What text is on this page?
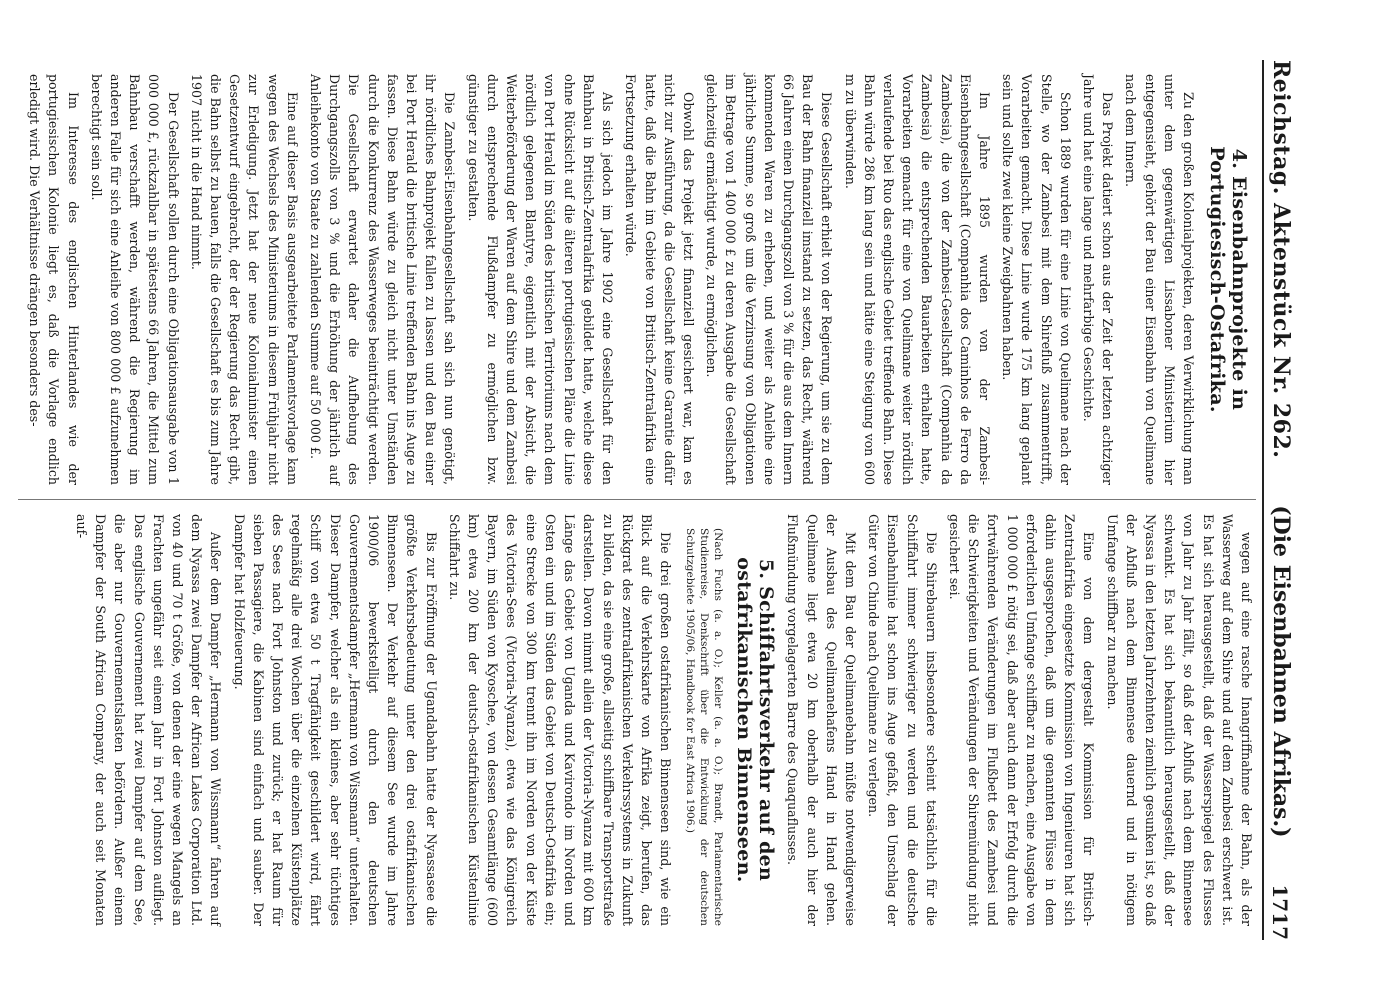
Reichstag. Aktenstück Nr. 262.
(Die Eisenbahnen Afrikas.)
1717
4. Eisenbahnprojekte in Portugiesisch-Ostafrika.

Zu den großen Kolonialprojekten, deren Verwirklichung man unter dem gegenwärtigen Lissaboner Ministerium hier entgegensieht, gehört der Bau einer Eisenbahn von Quelimane nach dem Innern.

Das Projekt datiert schon aus der Zeit der letzten achtziger Jahre und hat eine lange und mehrfarbige Geschichte.

Schon 1889 wurden für eine Linie von Quelimane nach der Stelle, wo der Zambesi mit dem Shirefluß zusammentrifft, Vorarbeiten gemacht. Diese Linie wurde 175 km lang geplant sein und sollte zwei kleine Zweigbahnen haben.

Im Jahre 1895 wurden von der Zambesi-Eisenbahngesellschaft (Companhia dos Caminhos de Ferro da Zambesia), die von der Zambesi-Gesellschaft (Companhia da Zambesia) die entsprechenden Bauarbeiten erhalten hatte, Vorarbeiten gemacht für eine von Quelimane weiter nördlich verlaufende bei Ruo das englische Gebiet treffende Bahn. Diese Bahn würde 286 km lang sein und hätte eine Steigung von 600 m zu überwinden.

Diese Gesellschaft erhielt von der Regierung, um sie zu dem Bau der Bahn finanziell imstand zu setzen, das Recht, während 66 Jahren einen Durchgangszoll von 3 % für die aus dem Innern kommenden Waren zu erheben, und weiter als Anleihe eine jährliche Summe, so groß um die Verzinsung von Obligationen im Betrage von 1 400 000 £ zu deren Ausgabe die Gesellschaft gleichzeitig ermächtigt wurde, zu ermöglichen.

Obwohl das Projekt jetzt finanziell gesichert war, kam es nicht zur Ausführung, da die Gesellschaft keine Garantie dafür hatte, daß die Bahn im Gebiete von Britisch-Zentralafrika eine Fortsetzung erhalten würde.

Als sich jedoch im Jahre 1902 eine Gesellschaft für den Bahnbau in Britisch-Zentralafrika gebildet hatte, welche diese ohne Rücksicht auf die älteren portugiesischen Pläne die Linie von Port Herald im Süden des britischen Territoriums nach dem nördlich gelegenen Blantyre, eigentlich mit der Absicht, die Weiterbeförderung der Waren auf dem Shire und dem Zambesi durch entsprechende Flußdampfer zu ermöglichen bzw. günstiger zu gestalten.

Die Zambesi-Eisenbahngesellschaft sah sich nun genötigt, ihr nördliches Bahnprojekt fallen zu lassen und den Bau einer bei Port Herald die britische Linie treffenden Bahn ins Auge zu fassen. Diese Bahn würde zu gleich nicht unter Umständen durch die Konkurrenz des Wasserweges beeinträchtigt werden. Die Gesellschaft erwartet daher die Aufhebung des Durchgangszolls von 3 % und die Erhöhung der jährlich auf Anleihekonto von Staate zu zahlenden Summe auf 50 000 £.

Eine auf dieser Basis ausgearbeitete Parlamentsvorlage kam wegen des Wechsels des Ministeriums in diesem Frühjahr nicht zur Erledigung. Jetzt hat der neue Kolonialminister einen Gesetzentwurf eingebracht, der der Regierung das Recht gibt, die Bahn selbst zu bauen, falls die Gesellschaft es bis zum Jahre 1907 nicht in die Hand nimmt.

Der Gesellschaft sollen durch eine Obligationsausgabe von 1 000 000 £, rückzahlbar in spätestens 66 Jahren, die Mittel zum Bahnbau verschafft werden, während die Regierung im anderen Falle für sich eine Anleihe von 800 000 £ aufzunehmen berechtigt sein soll.

Im Interesse des englischen Hinterlandes wie der portugiesischen Kolonie liegt es, daß die Vorlage endlich erledigt wird. Die Verhältnisse drängen besonders des-

wegen auf eine rasche Inangriffnahme der Bahn, als der Wasserweg auf dem Shire und auf dem Zambesi erschwert ist. Es hat sich herausgestellt, daß der Wasserspiegel des Flusses von Jahr zu Jahr fällt, so daß der Abfluß nach dem Binnensee schwankt. Es hat sich bekanntlich herausgestellt, daß der Nyassa in den letzten Jahrzehnten ziemlich gesunken ist, so daß der Abfluß nach dem Binnensee dauernd und in nötigem Umfange schiffbar zu machen.

Eine von dem dergestalt Kommission für Britisch-Zentralafrika eingesetzte Kommission von Ingenieuren hat sich dahin ausgesprochen, daß um die genannten Flüsse in dem erforderlichen Umfange schiffbar zu machen, eine Ausgabe von 1 000 000 £ nötig sei, daß aber auch dann der Erfolg durch die fortwährenden Veränderungen im Flußbett des Zambesi und die Schwierigkeiten und Verändungen der Shiremündung nicht gesichert sei.

Die Shirebauern insbesondere scheint tatsächlich für die Schiffahrt immer schwieriger zu werden und die deutsche Eisenbahnlinie hat schon ins Auge gefaßt, den Umschlag der Güter von Chinde nach Quelimane zu verlegen.

Mit dem Bau der Quelimanebahn müßte notwendigerweise der Ausbau des Quelimanehafens Hand in Hand gehen. Quelimane liegt etwa 20 km oberhalb der auch hier der Flußmündung vorgelagerten Barre des Quaquaflusses.

5. Schiffahrtsverkehr auf den ostafrikanischen Binnenseen.

(Nach Fuchs (a. a. O.); Keller (a. a. O.); Brandt, Parlamentarische Studienreise, Denkschrift über die Entwicklung der deutschen Schutzgebiete 1905/06, Handbook for East Africa 1906.)

Die drei großen ostafrikanischen Binnenseen sind, wie ein Blick auf die Verkehrskarte von Afrika zeigt, berufen, das Rückgrat des zentralafrikanischen Verkehrssystems in Zukunft zu bilden, da sie eine große, allseitig schiffbare Transportstraße darstellen. Davon nimmt allein der Victoria-Nyanza mit 600 km Länge das Gebiet von Uganda und Kavirondo im Norden und Osten ein und im Süden das Gebiet von Deutsch-Ostafrika ein; eine Strecke von 300 km trennt ihn im Norden von der Küste des Victoria-Sees (Victoria-Nyanza), etwa wie das Königreich Bayern, im Süden von Kyoschee, von dessen Gesamtlänge (600 km) etwa 200 km der deutsch-ostafrikanischen Küstenlinie Schiffahrt zu.

Bis zur Eröffnung der Ugandabahn hatte der Nyassasee die größte Verkehrsbedeutung unter den drei ostafrikanischen Binnenseen. Der Verkehr auf diesem See wurde im Jahre 1900/06 bewerkstelligt durch den deutschen Gouvernementsdampfer „Hermann von Wissmann“ unterhalten. Dieser Dampfer, welcher als ein kleines, aber sehr tüchtiges Schiff von etwa 50 t Tragfähigkeit geschildert wird, fährt regelmäßig alle drei Wochen über die einzelnen Küstenplätze des Sees nach Fort Johnston und zurück; er hat Raum für sieben Passagiere, die Kabinen sind einfach und sauber. Der Dampfer hat Holzfeuerung.

Außer dem Dampfer „Hermann von Wissmann“ fahren auf dem Nyassa zwei Dampfer der African Lakes Corporation Ltd. von 40 und 70 t Größe, von denen der eine wegen Mangels an Frachten ungefähr seit einem Jahr in Fort Johnston aufliegt. Das englische Gouvernement hat zwei Dampfer auf dem See, die aber nur Gouvernementslasten befördern. Außer einem Dampfer der South African Company, der auch seit Monaten auf-
